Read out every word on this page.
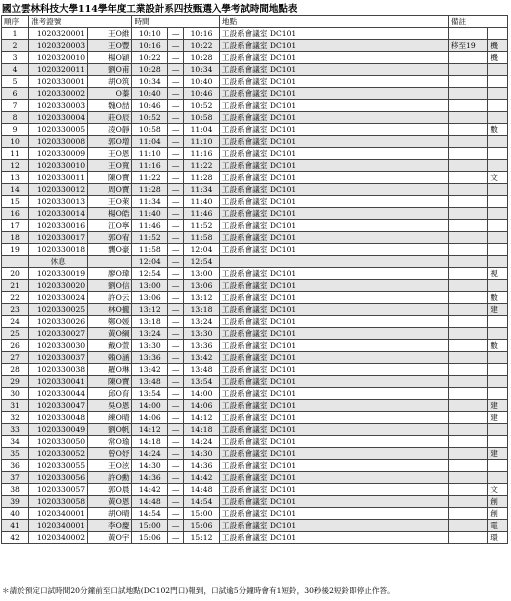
國立雲林科技大學114學年度工業設計系四技甄選入學考試時間地點表
順序	准考證號		時間			地點	備註	
1	1020320001	王O維	10:10	—	10:16	工設系會議室 DC101		
2	1020320003	王O豐	10:16	—	10:22	工設系會議室 DC101	移至19	機
3	1020320010	楊O穎	10:22	—	10:28	工設系會議室 DC101		機
4	1020320011	劉O甫	10:28	—	10:34	工設系會議室 DC101		
5	1020330001	胡O筑	10:34	—	10:40	工設系會議室 DC101		
6	1020330002	O蓁	10:40	—	10:46	工設系會議室 DC101		
7	1020330003	魏O喆	10:46	—	10:52	工設系會議室 DC101		
8	1020330004	莊O辰	10:52	—	10:58	工設系會議室 DC101		
9	1020330005	凌O靜	10:58	—	11:04	工設系會議室 DC101		數
10	1020330008	郭O增	11:04	—	11:10	工設系會議室 DC101		
11	1020330009	王O恩	11:10	—	11:16	工設系會議室 DC101		
12	1020330010	王O寬	11:16	—	11:22	工設系會議室 DC101		
13	1020330011	陳O寶	11:22	—	11:28	工設系會議室 DC101		文
14	1020330012	周O寶	11:28	—	11:34	工設系會議室 DC101		
15	1020330013	王O萊	11:34	—	11:40	工設系會議室 DC101		
16	1020330014	楊O皓	11:40	—	11:46	工設系會議室 DC101		
17	1020330016	江O寧	11:46	—	11:52	工設系會議室 DC101		
18	1020330017	郭O宥	11:52	—	11:58	工設系會議室 DC101		
19	1020330018	龔O豪	11:58	—	12:04	工設系會議室 DC101		
	休息		12:04	—	12:54			
20	1020330019	廖O瑋	12:54	—	13:00	工設系會議室 DC101		視
21	1020330020	劉O信	13:00	—	13:06	工設系會議室 DC101		
22	1020330024	許O云	13:06	—	13:12	工設系會議室 DC101		數
23	1020330025	林O攏	13:12	—	13:18	工設系會議室 DC101		建
24	1020330026	鄭O媛	13:18	—	13:24	工設系會議室 DC101		
25	1020330027	黃O綱	13:24	—	13:30	工設系會議室 DC101		
26	1020330030	戴O萱	13:30	—	13:36	工設系會議室 DC101		數
27	1020330037	賴O涵	13:36	—	13:42	工設系會議室 DC101		
28	1020330038	羅O琳	13:42	—	13:48	工設系會議室 DC101		
29	1020330041	陳O寶	13:48	—	13:54	工設系會議室 DC101		
30	1020330044	邱O育	13:54	—	14:00	工設系會議室 DC101		
31	1020330047	吳O恩	14:00	—	14:06	工設系會議室 DC101		建
32	1020330048	練O晴	14:06	—	14:12	工設系會議室 DC101		建
33	1020330049	劉O帆	14:12	—	14:18	工設系會議室 DC101		
34	1020330050	常O瑜	14:18	—	14:24	工設系會議室 DC101		
35	1020330052	曾O妤	14:24	—	14:30	工設系會議室 DC101		建
36	1020330055	王O泫	14:30	—	14:36	工設系會議室 DC101		
37	1020330056	許O勳	14:36	—	14:42	工設系會議室 DC101		
38	1020330057	郭O晨	14:42	—	14:48	工設系會議室 DC101		文
39	1020330058	黃O恩	14:48	—	14:54	工設系會議室 DC101		創
40	1020340001	胡O晴	14:54	—	15:00	工設系會議室 DC101		創
41	1020340001	李O慶	15:00	—	15:06	工設系會議室 DC101		電
42	1020340002	黃O宇	15:06	—	15:12	工設系會議室 DC101		環
＊請於預定口試時間20分鐘前至口試地點(DC102門口)報到，口試逾5分鐘時會有1短鈴，30秒後2短鈴即停止作答。
